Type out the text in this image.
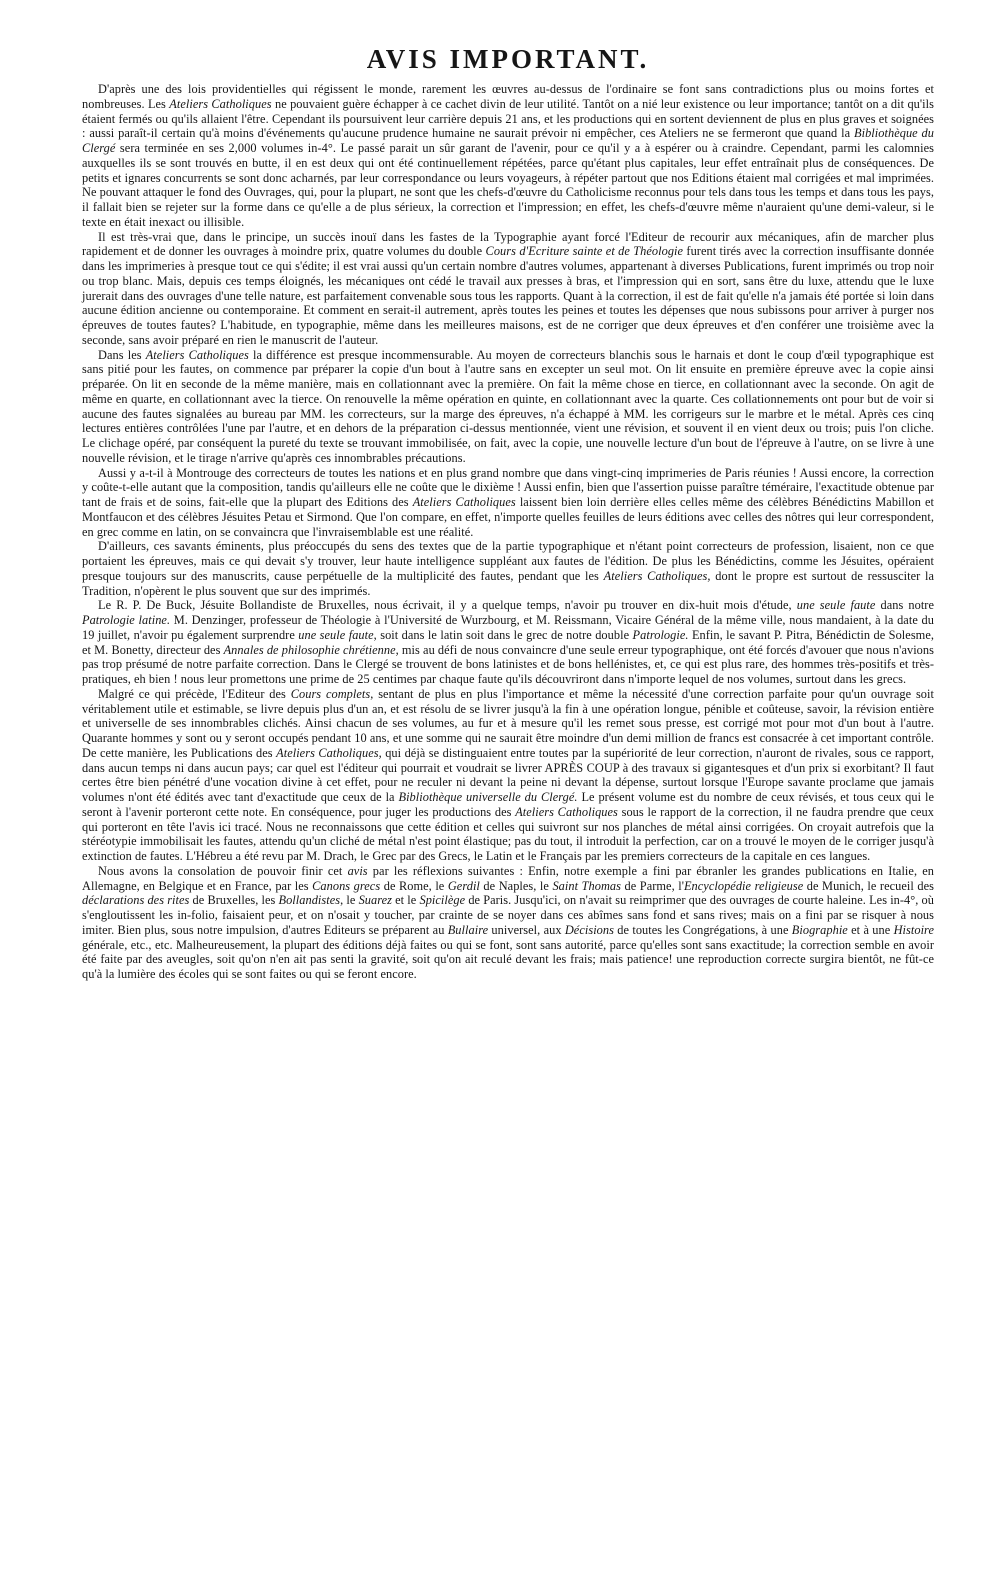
AVIS IMPORTANT.

D'après une des lois providentielles qui régissent le monde, rarement les œuvres au-dessus de l'ordinaire se font sans contradictions plus ou moins fortes et nombreuses. Les Ateliers Catholiques ne pouvaient guère échapper à ce cachet divin de leur utilité. Tantôt on a nié leur existence ou leur importance; tantôt on a dit qu'ils étaient fermés ou qu'ils allaient l'être. Cependant ils poursuivent leur carrière depuis 21 ans, et les productions qui en sortent deviennent de plus en plus graves et soignées : aussi paraît-il certain qu'à moins d'événements qu'aucune prudence humaine ne saurait prévoir ni empêcher, ces Ateliers ne se fermeront que quand la Bibliothèque du Clergé sera terminée en ses 2,000 volumes in-4°. Le passé parait un sûr garant de l'avenir, pour ce qu'il y a à espérer ou à craindre. Cependant, parmi les calomnies auxquelles ils se sont trouvés en butte, il en est deux qui ont été continuellement répétées, parce qu'étant plus capitales, leur effet entraînait plus de conséquences. De petits et ignares concurrents se sont donc acharnés, par leur correspondance ou leurs voyageurs, à répéter partout que nos Editions étaient mal corrigées et mal imprimées. Ne pouvant attaquer le fond des Ouvrages, qui, pour la plupart, ne sont que les chefs-d'œuvre du Catholicisme reconnus pour tels dans tous les temps et dans tous les pays, il fallait bien se rejeter sur la forme dans ce qu'elle a de plus sérieux, la correction et l'impression; en effet, les chefs-d'œuvre même n'auraient qu'une demi-valeur, si le texte en était inexact ou illisible.

Il est très-vrai que, dans le principe, un succès inouï dans les fastes de la Typographie ayant forcé l'Editeur de recourir aux mécaniques, afin de marcher plus rapidement et de donner les ouvrages à moindre prix, quatre volumes du double Cours d'Ecriture sainte et de Théologie furent tirés avec la correction insuffisante donnée dans les imprimeries à presque tout ce qui s'édite; il est vrai aussi qu'un certain nombre d'autres volumes, appartenant à diverses Publications, furent imprimés ou trop noir ou trop blanc. Mais, depuis ces temps éloignés, les mécaniques ont cédé le travail aux presses à bras, et l'impression qui en sort, sans être du luxe, attendu que le luxe jurerait dans des ouvrages d'une telle nature, est parfaitement convenable sous tous les rapports. Quant à la correction, il est de fait qu'elle n'a jamais été portée si loin dans aucune édition ancienne ou contemporaine. Et comment en serait-il autrement, après toutes les peines et toutes les dépenses que nous subissons pour arriver à purger nos épreuves de toutes fautes? L'habitude, en typographie, même dans les meilleures maisons, est de ne corriger que deux épreuves et d'en conférer une troisième avec la seconde, sans avoir préparé en rien le manuscrit de l'auteur.

Dans les Ateliers Catholiques la différence est presque incommensurable. Au moyen de correcteurs blanchis sous le harnais et dont le coup d'œil typographique est sans pitié pour les fautes, on commence par préparer la copie d'un bout à l'autre sans en excepter un seul mot. On lit ensuite en première épreuve avec la copie ainsi préparée. On lit en seconde de la même manière, mais en collationnant avec la première. On fait la même chose en tierce, en collationnant avec la seconde. On agit de même en quarte, en collationnant avec la tierce. On renouvelle la même opération en quinte, en collationnant avec la quarte. Ces collationnements ont pour but de voir si aucune des fautes signalées au bureau par MM. les correcteurs, sur la marge des épreuves, n'a échappé à MM. les corrigeurs sur le marbre et le métal. Après ces cinq lectures entières contrôlées l'une par l'autre, et en dehors de la préparation ci-dessus mentionnée, vient une révision, et souvent il en vient deux ou trois; puis l'on cliche. Le clichage opéré, par conséquent la pureté du texte se trouvant immobilisée, on fait, avec la copie, une nouvelle lecture d'un bout de l'épreuve à l'autre, on se livre à une nouvelle révision, et le tirage n'arrive qu'après ces innombrables précautions.

Aussi y a-t-il à Montrouge des correcteurs de toutes les nations et en plus grand nombre que dans vingt-cinq imprimeries de Paris réunies ! Aussi encore, la correction y coûte-t-elle autant que la composition, tandis qu'ailleurs elle ne coûte que le dixième ! Aussi enfin, bien que l'assertion puisse paraître téméraire, l'exactitude obtenue par tant de frais et de soins, fait-elle que la plupart des Editions des Ateliers Catholiques laissent bien loin derrière elles celles même des célèbres Bénédictins Mabillon et Montfaucon et des célèbres Jésuites Petau et Sirmond. Que l'on compare, en effet, n'importe quelles feuilles de leurs éditions avec celles des nôtres qui leur correspondent, en grec comme en latin, on se convaincra que l'invraisemblable est une réalité.

D'ailleurs, ces savants éminents, plus préoccupés du sens des textes que de la partie typographique et n'étant point correcteurs de profession, lisaient, non ce que portaient les épreuves, mais ce qui devait s'y trouver, leur haute intelligence suppléant aux fautes de l'édition. De plus les Bénédictins, comme les Jésuites, opéraient presque toujours sur des manuscrits, cause perpétuelle de la multiplicité des fautes, pendant que les Ateliers Catholiques, dont le propre est surtout de ressusciter la Tradition, n'opèrent le plus souvent que sur des imprimés.

Le R. P. De Buck, Jésuite Bollandiste de Bruxelles, nous écrivait, il y a quelque temps, n'avoir pu trouver en dix-huit mois d'étude, une seule faute dans notre Patrologie latine. M. Denzinger, professeur de Théologie à l'Université de Wurzbourg, et M. Reissmann, Vicaire Général de la même ville, nous mandaient, à la date du 19 juillet, n'avoir pu également surprendre une seule faute, soit dans le latin soit dans le grec de notre double Patrologie. Enfin, le savant P. Pitra, Bénédictin de Solesme, et M. Bonetty, directeur des Annales de philosophie chrétienne, mis au défi de nous convaincre d'une seule erreur typographique, ont été forcés d'avouer que nous n'avions pas trop présumé de notre parfaite correction. Dans le Clergé se trouvent de bons latinistes et de bons hellénistes, et, ce qui est plus rare, des hommes très-positifs et très-pratiques, eh bien ! nous leur promettons une prime de 25 centimes par chaque faute qu'ils découvriront dans n'importe lequel de nos volumes, surtout dans les grecs.

Malgré ce qui précède, l'Editeur des Cours complets, sentant de plus en plus l'importance et même la nécessité d'une correction parfaite pour qu'un ouvrage soit véritablement utile et estimable, se livre depuis plus d'un an, et est résolu de se livrer jusqu'à la fin à une opération longue, pénible et coûteuse, savoir, la révision entière et universelle de ses innombrables clichés. Ainsi chacun de ses volumes, au fur et à mesure qu'il les remet sous presse, est corrigé mot pour mot d'un bout à l'autre. Quarante hommes y sont ou y seront occupés pendant 10 ans, et une somme qui ne saurait être moindre d'un demi million de francs est consacrée à cet important contrôle. De cette manière, les Publications des Ateliers Catholiques, qui déjà se distinguaient entre toutes par la supériorité de leur correction, n'auront de rivales, sous ce rapport, dans aucun temps ni dans aucun pays; car quel est l'éditeur qui pourrait et voudrait se livrer APRÈS COUP à des travaux si gigantesques et d'un prix si exorbitant? Il faut certes être bien pénétré d'une vocation divine à cet effet, pour ne reculer ni devant la peine ni devant la dépense, surtout lorsque l'Europe savante proclame que jamais volumes n'ont été édités avec tant d'exactitude que ceux de la Bibliothèque universelle du Clergé. Le présent volume est du nombre de ceux révisés, et tous ceux qui le seront à l'avenir porteront cette note. En conséquence, pour juger les productions des Ateliers Catholiques sous le rapport de la correction, il ne faudra prendre que ceux qui porteront en tête l'avis ici tracé. Nous ne reconnaissons que cette édition et celles qui suivront sur nos planches de métal ainsi corrigées. On croyait autrefois que la stéréotypie immobilisait les fautes, attendu qu'un cliché de métal n'est point élastique; pas du tout, il introduit la perfection, car on a trouvé le moyen de le corriger jusqu'à extinction de fautes. L'Hébreu a été revu par M. Drach, le Grec par des Grecs, le Latin et le Français par les premiers correcteurs de la capitale en ces langues.

Nous avons la consolation de pouvoir finir cet avis par les réflexions suivantes : Enfin, notre exemple a fini par ébranler les grandes publications en Italie, en Allemagne, en Belgique et en France, par les Canons grecs de Rome, le Gerdil de Naples, le Saint Thomas de Parme, l'Encyclopédie religieuse de Munich, le recueil des déclarations des rites de Bruxelles, les Bollandistes, le Suarez et le Spicilège de Paris. Jusqu'ici, on n'avait su reimprimer que des ouvrages de courte haleine. Les in-4°, où s'engloutissent les in-folio, faisaient peur, et on n'osait y toucher, par crainte de se noyer dans ces abîmes sans fond et sans rives; mais on a fini par se risquer à nous imiter. Bien plus, sous notre impulsion, d'autres Editeurs se préparent au Bullaire universel, aux Décisions de toutes les Congrégations, à une Biographie et à une Histoire générale, etc., etc. Malheureusement, la plupart des éditions déjà faites ou qui se font, sont sans autorité, parce qu'elles sont sans exactitude; la correction semble en avoir été faite par des aveugles, soit qu'on n'en ait pas senti la gravité, soit qu'on ait reculé devant les frais; mais patience! une reproduction correcte surgira bientôt, ne fût-ce qu'à la lumière des écoles qui se sont faites ou qui se feront encore.
